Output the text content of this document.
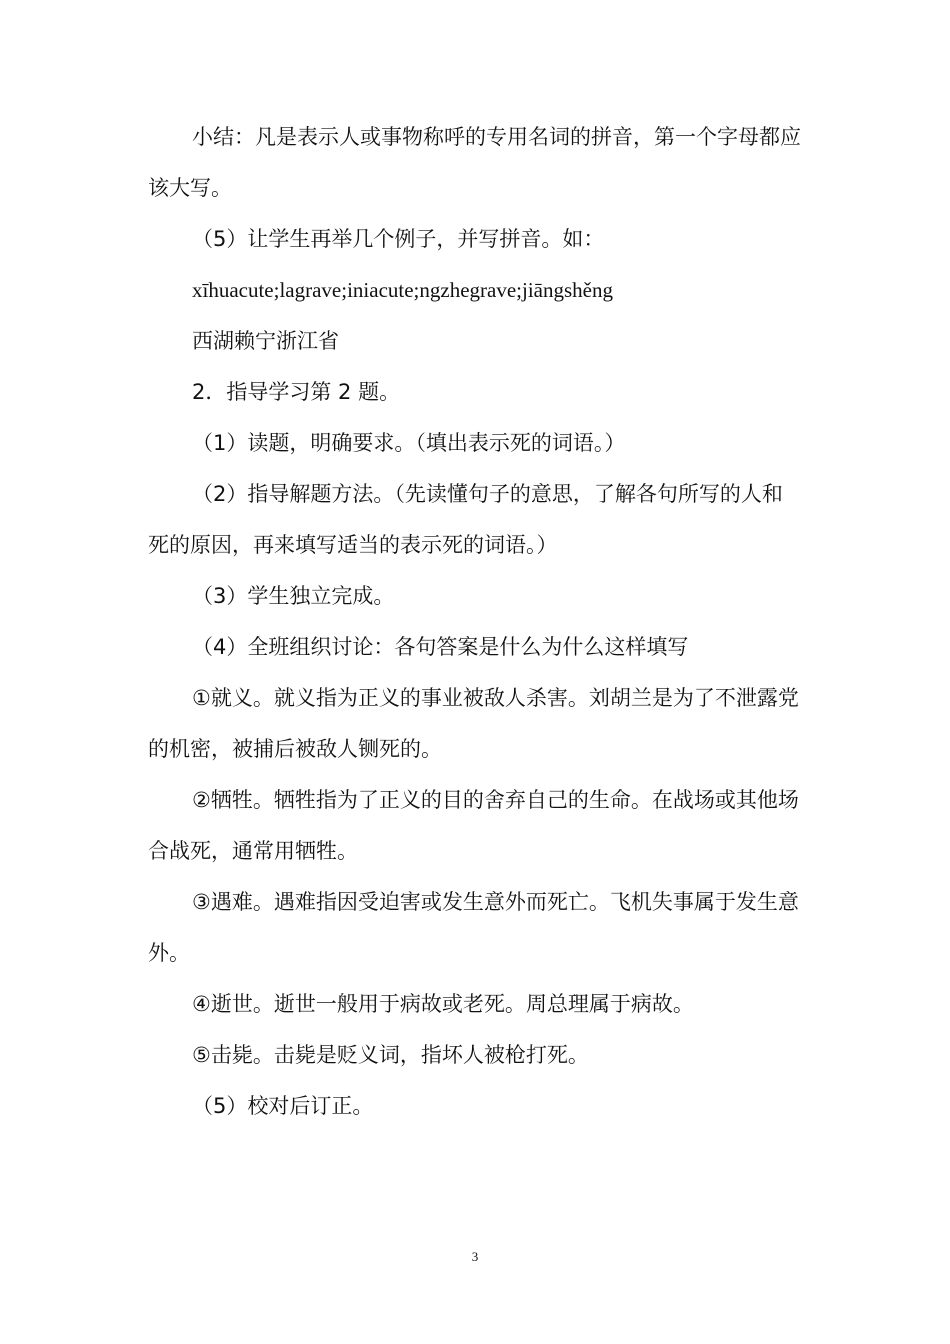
小结：凡是表示人或事物称呼的专用名词的拼音，第一个字母都应该大写。

（5）让学生再举几个例子，并写拼音。如：

xīhuacute;lagrave;iniacute;ngzhegrave;jiāngshěng

西湖赖宁浙江省

2．指导学习第 2 题。

（1）读题，明确要求。（填出表示死的词语。）

（2）指导解题方法。（先读懂句子的意思，了解各句所写的人和死的原因，再来填写适当的表示死的词语。）

（3）学生独立完成。

（4）全班组织讨论：各句答案是什么为什么这样填写

①就义。就义指为正义的事业被敌人杀害。刘胡兰是为了不泄露党的机密，被捕后被敌人铡死的。

②牺牲。牺牲指为了正义的目的舍弃自己的生命。在战场或其他场合战死，通常用牺牲。

③遇难。遇难指因受迫害或发生意外而死亡。飞机失事属于发生意外。

④逝世。逝世一般用于病故或老死。周总理属于病故。

⑤击毙。击毙是贬义词，指坏人被枪打死。

（5）校对后订正。

3
